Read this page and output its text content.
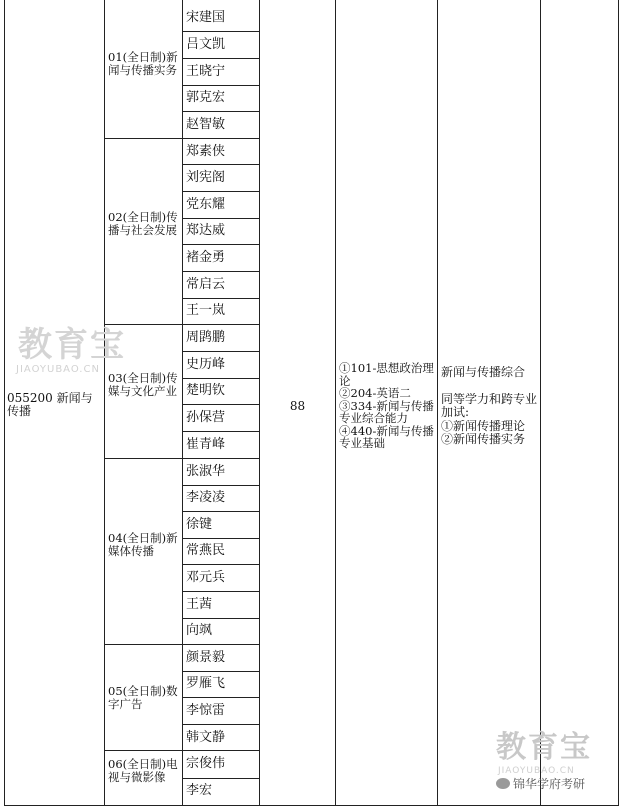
055200 新闻与传播	88
①101-思想政治理论
②204-英语二
③334-新闻与传播专业综合能力
④440-新闻与传播专业基础
新闻与传播综合
同等学力和跨专业加试:
①新闻传播理论
②新闻传播实务
01(全日制)新闻与传播实务
02(全日制)传播与社会发展
03(全日制)传媒与文化产业
04(全日制)新媒体传播
05(全日制)数字广告
06(全日制)电视与微影像
宋建国
吕文凯
王晓宁
郭克宏
赵智敏
郑素侠
刘宪阁
党东耀
郑达威
褚金勇
常启云
王一岚
周鹍鹏
史历峰
楚明钦
孙保营
崔青峰
张淑华
李凌凌
徐键
常燕民
邓元兵
王茜
向飒
颜景毅
罗雁飞
李惊雷
韩文静
宗俊伟
李宏
教育宝
JIAOYUBAO.CN
教育宝
JIAOYUBAO.CN
锦华学府考研
